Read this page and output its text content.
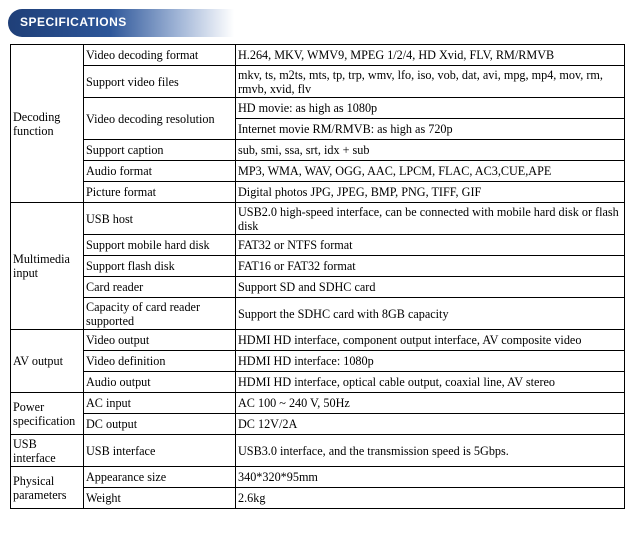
SPECIFICATIONS
Decoding function	Video decoding format	H.264, MKV, WMV9, MPEG 1/2/4, HD Xvid, FLV, RM/RMVB
	Support video files	mkv, ts, m2ts, mts, tp, trp, wmv, lfo, iso, vob, dat, avi, mpg, mp4, mov, rm, rmvb, xvid, flv
	Video decoding resolution	HD movie: as high as 1080p
		Internet movie RM/RMVB: as high as 720p
	Support caption	sub, smi, ssa, srt, idx + sub
	Audio format	MP3, WMA, WAV, OGG, AAC, LPCM, FLAC, AC3,CUE,APE
	Picture format	Digital photos JPG, JPEG, BMP, PNG, TIFF, GIF
Multimedia input	USB host	USB2.0 high-speed interface, can be connected with mobile hard disk or flash disk
	Support mobile hard disk	FAT32 or NTFS format
	Support flash disk	FAT16 or FAT32 format
	Card reader	Support SD and SDHC card
	Capacity of card reader supported	Support the SDHC card with 8GB capacity
AV output	Video output	HDMI HD interface, component output interface, AV composite video
	Video definition	HDMI HD interface: 1080p
	Audio output	HDMI HD interface, optical cable output, coaxial line, AV stereo
Power specification	AC input	AC 100 ~ 240 V, 50Hz
	DC output	DC 12V/2A
USB interface	USB interface	USB3.0 interface, and the transmission speed is 5Gbps.
Physical parameters	Appearance size	340*320*95mm
	Weight	2.6kg
